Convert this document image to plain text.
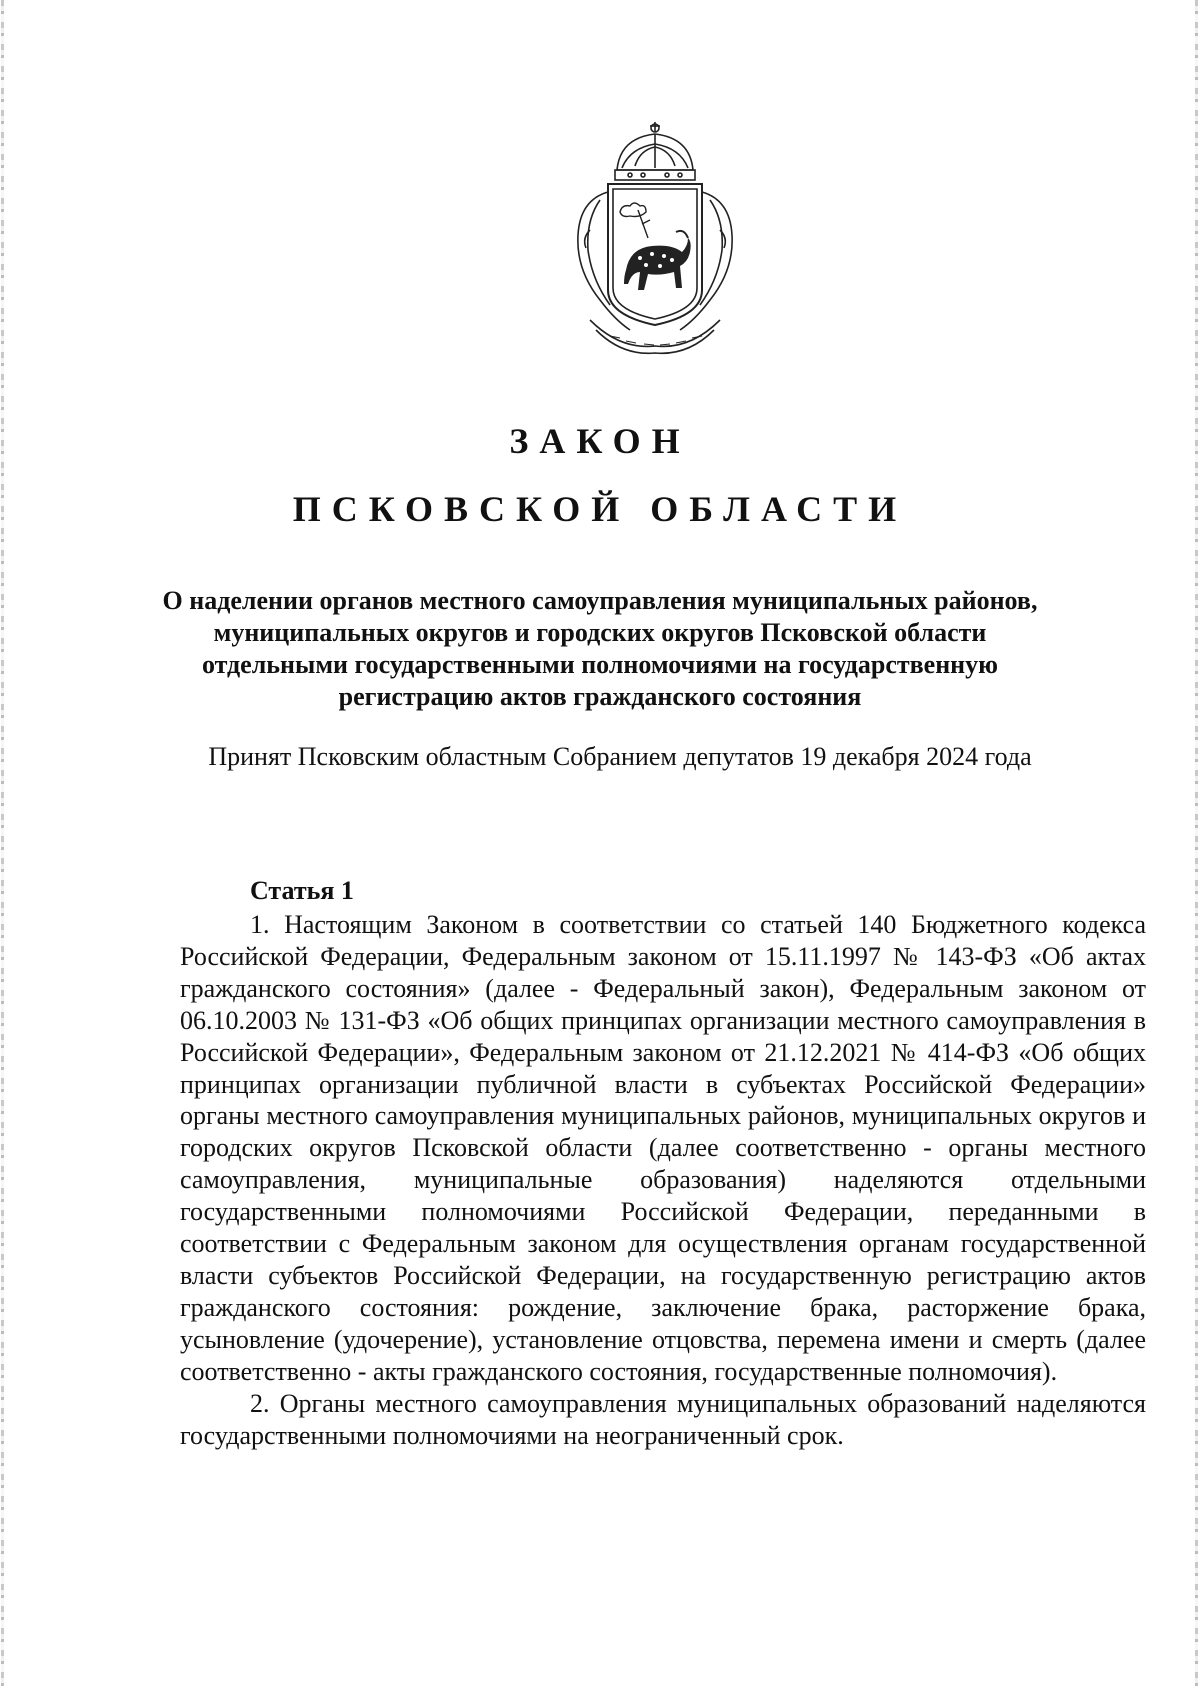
ЗАКОН
ПСКОВСКОЙ ОБЛАСТИ

О наделении органов местного самоуправления муниципальных районов, муниципальных округов и городских округов Псковской области отдельными государственными полномочиями на государственную регистрацию актов гражданского состояния

Принят Псковским областным Собранием депутатов 19 декабря 2024 года

Статья 1

1. Настоящим Законом в соответствии со статьей 140 Бюджетного кодекса Российской Федерации, Федеральным законом от 15.11.1997 № 143-ФЗ «Об актах гражданского состояния» (далее - Федеральный закон), Федеральным законом от 06.10.2003 № 131-ФЗ «Об общих принципах организации местного самоуправления в Российской Федерации», Федеральным законом от 21.12.2021 № 414-ФЗ «Об общих принципах организации публичной власти в субъектах Российской Федерации» органы местного самоуправления муниципальных районов, муниципальных округов и городских округов Псковской области (далее соответственно - органы местного самоуправления, муниципальные образования) наделяются отдельными государственными полномочиями Российской Федерации, переданными в соответствии с Федеральным законом для осуществления органам государственной власти субъектов Российской Федерации, на государственную регистрацию актов гражданского состояния: рождение, заключение брака, расторжение брака, усыновление (удочерение), установление отцовства, перемена имени и смерть (далее соответственно - акты гражданского состояния, государственные полномочия).

2. Органы местного самоуправления муниципальных образований наделяются государственными полномочиями на неограниченный срок.
